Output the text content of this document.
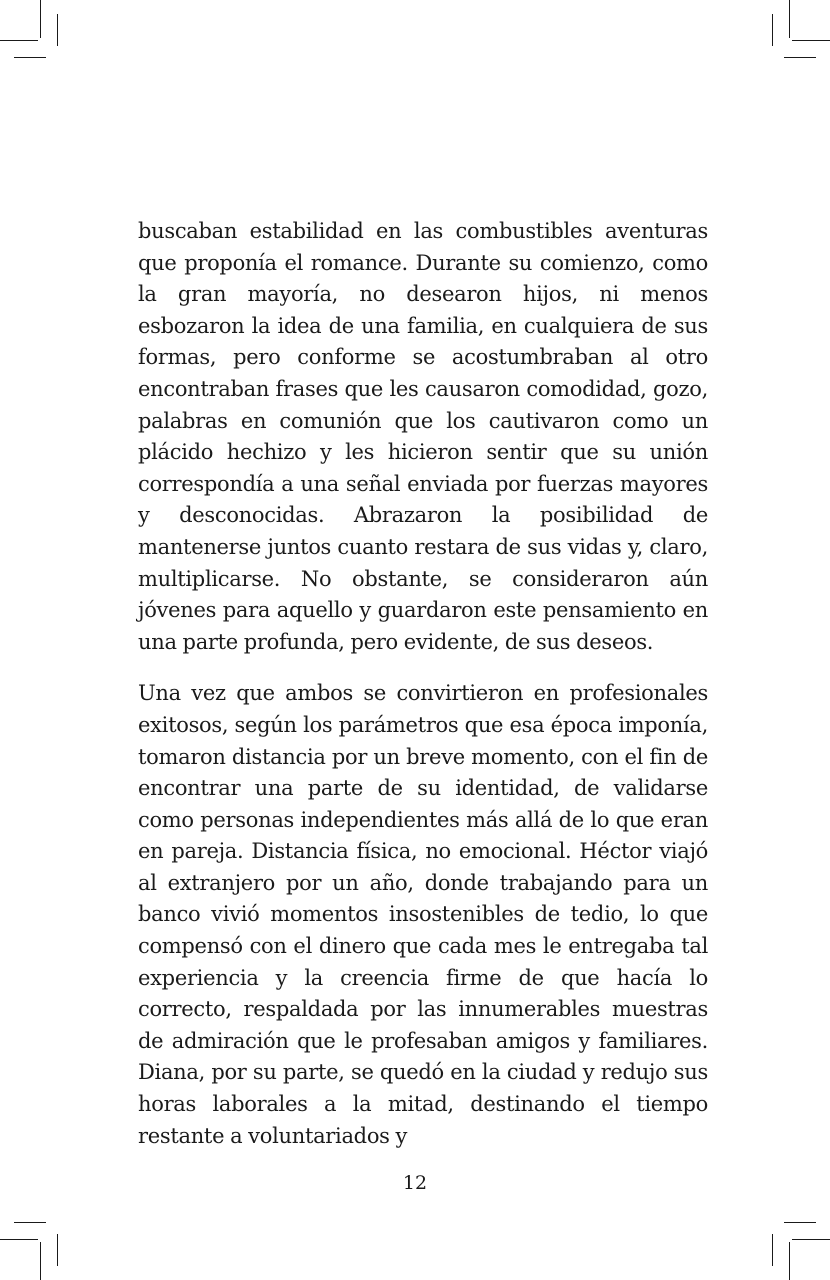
buscaban estabilidad en las combustibles aventuras que proponía el romance. Durante su comienzo, como la gran mayoría, no desearon hijos, ni menos esbozaron la idea de una familia, en cualquiera de sus formas, pero conforme se acostumbraban al otro encontraban frases que les causaron comodidad, gozo, palabras en comunión que los cautivaron como un plácido hechizo y les hicieron sentir que su unión correspondía a una señal enviada por fuerzas mayores y desconocidas. Abrazaron la posibilidad de mantenerse juntos cuanto restara de sus vidas y, claro, multiplicarse. No obstante, se consideraron aún jóvenes para aquello y guardaron este pensamiento en una parte profunda, pero evidente, de sus deseos.

Una vez que ambos se convirtieron en profesionales exitosos, según los parámetros que esa época imponía, tomaron distancia por un breve momento, con el fin de encontrar una parte de su identidad, de validarse como personas independientes más allá de lo que eran en pareja. Distancia física, no emocional. Héctor viajó al extranjero por un año, donde trabajando para un banco vivió momentos insostenibles de tedio, lo que compensó con el dinero que cada mes le entregaba tal experiencia y la creencia firme de que hacía lo correcto, respaldada por las innumerables muestras de admiración que le profesaban amigos y familiares. Diana, por su parte, se quedó en la ciudad y redujo sus horas laborales a la mitad, destinando el tiempo restante a voluntariados y

12
